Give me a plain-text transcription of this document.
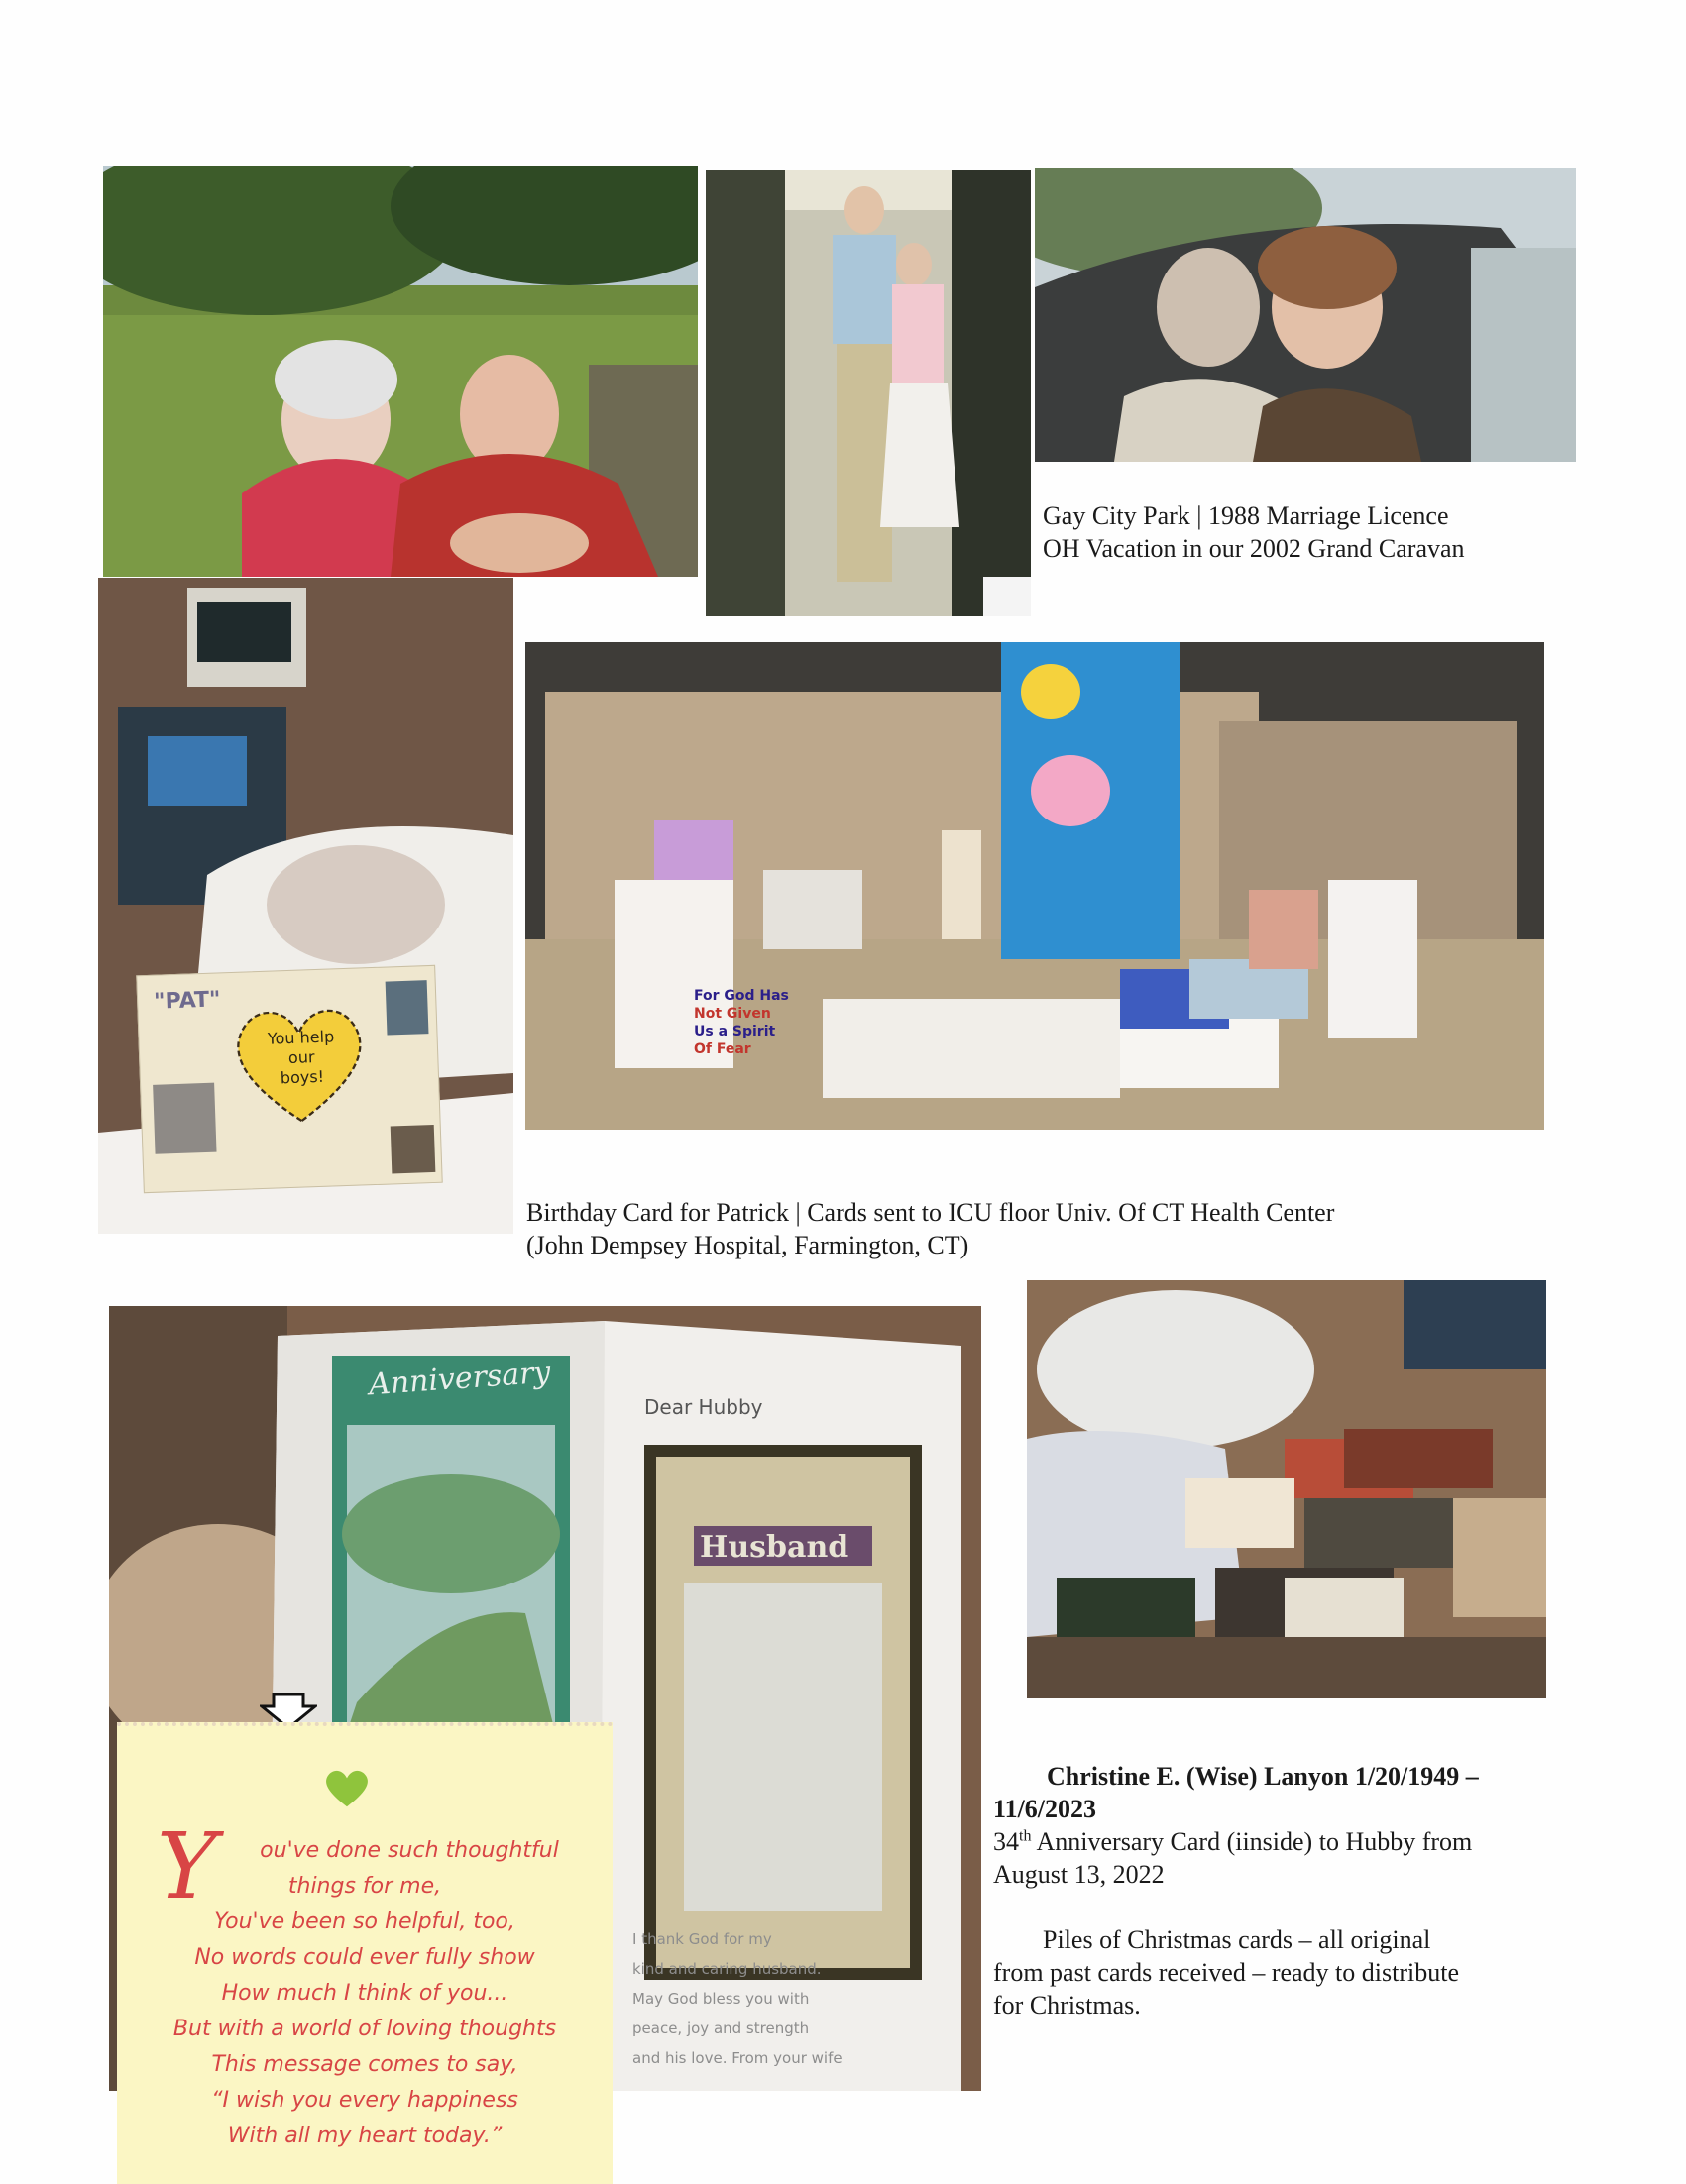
Gay City Park | 1988 Marriage Licence
OH Vacation in our 2002 Grand Caravan
"PAT"
You help
our
boys!
For God Has
Not Given
Us a Spirit
Of Fear
Birthday Card for Patrick | Cards sent to ICU floor Univ. Of CT Health Center
(John Dempsey Hospital, Farmington, CT)
Anniversary
Dear Hubby
Husband
I thank God for my
kind and caring husband.
May God bless you with
peace, joy and strength
and his love. From your wife
Y	ou've done such thoughtful
things for me,
You've been so helpful, too,
No words could ever fully show
How much I think of you...
But with a world of loving thoughts
This message comes to say,
“I wish you every happiness
With all my heart today.”
Christine E. (Wise) Lanyon 1/20/1949 –
11/6/2023
34th Anniversary Card (iinside) to Hubby from
August 13, 2022

Piles of Christmas cards – all original
from past cards received – ready to distribute
for Christmas.
